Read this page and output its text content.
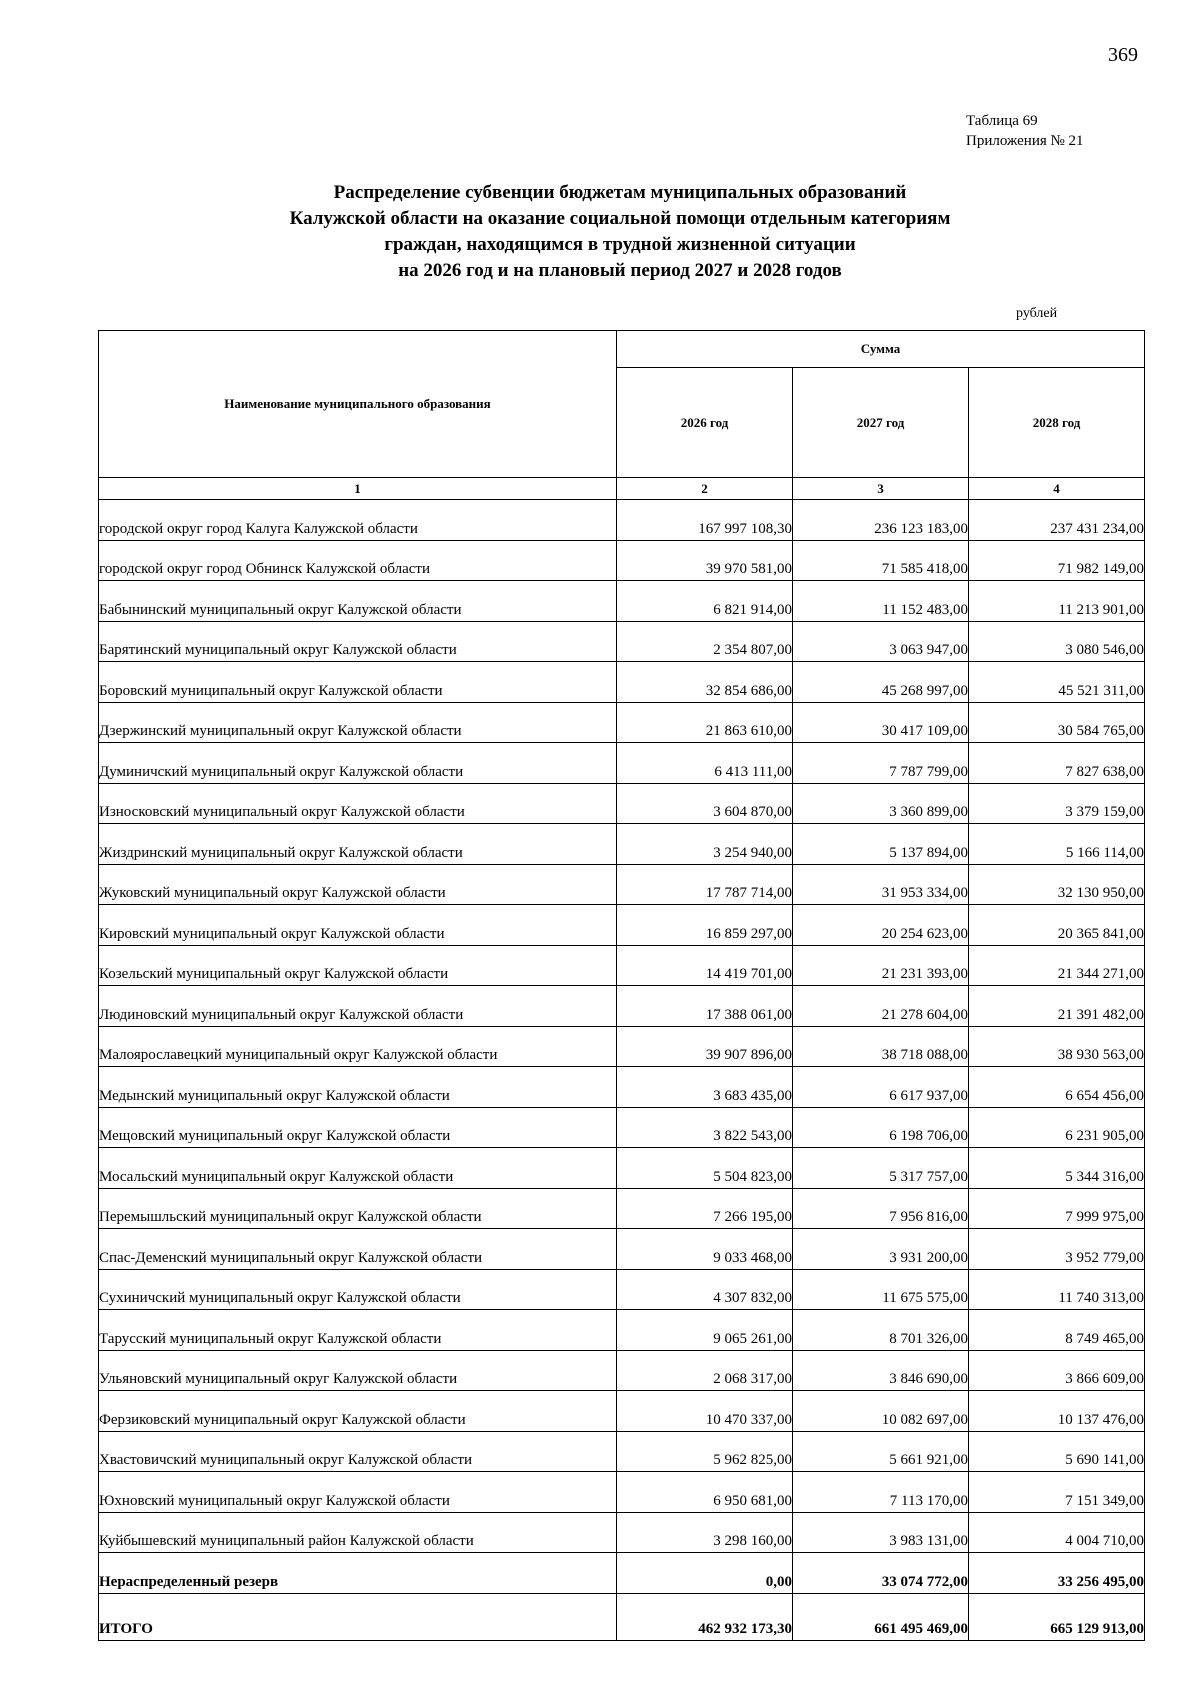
369
Таблица 69
Приложения № 21
Распределение субвенции бюджетам муниципальных образований
Калужской области на оказание социальной помощи отдельным категориям
граждан, находящимся в трудной жизненной ситуации
на 2026 год и на плановый период 2027 и 2028 годов
рублей
Наименование муниципального образования	Сумма		
	2026 год	2027 год	2028 год
1	2	3	4
городской округ город Калуга Калужской области	167 997 108,30	236 123 183,00	237 431 234,00
городской округ город Обнинск Калужской области	39 970 581,00	71 585 418,00	71 982 149,00
Бабынинский муниципальный округ Калужской области	6 821 914,00	11 152 483,00	11 213 901,00
Барятинский муниципальный округ Калужской области	2 354 807,00	3 063 947,00	3 080 546,00
Боровский муниципальный округ Калужской области	32 854 686,00	45 268 997,00	45 521 311,00
Дзержинский муниципальный округ Калужской области	21 863 610,00	30 417 109,00	30 584 765,00
Думиничский муниципальный округ Калужской области	6 413 111,00	7 787 799,00	7 827 638,00
Износковский муниципальный округ Калужской области	3 604 870,00	3 360 899,00	3 379 159,00
Жиздринский муниципальный округ Калужской области	3 254 940,00	5 137 894,00	5 166 114,00
Жуковский муниципальный округ Калужской области	17 787 714,00	31 953 334,00	32 130 950,00
Кировский муниципальный округ Калужской области	16 859 297,00	20 254 623,00	20 365 841,00
Козельский муниципальный округ Калужской области	14 419 701,00	21 231 393,00	21 344 271,00
Людиновский муниципальный округ Калужской области	17 388 061,00	21 278 604,00	21 391 482,00
Малоярославецкий муниципальный округ Калужской области	39 907 896,00	38 718 088,00	38 930 563,00
Медынский муниципальный округ Калужской области	3 683 435,00	6 617 937,00	6 654 456,00
Мещовский муниципальный округ Калужской области	3 822 543,00	6 198 706,00	6 231 905,00
Мосальский муниципальный округ Калужской области	5 504 823,00	5 317 757,00	5 344 316,00
Перемышльский муниципальный округ Калужской области	7 266 195,00	7 956 816,00	7 999 975,00
Спас-Деменский муниципальный округ Калужской области	9 033 468,00	3 931 200,00	3 952 779,00
Сухиничский муниципальный округ Калужской области	4 307 832,00	11 675 575,00	11 740 313,00
Тарусский муниципальный округ Калужской области	9 065 261,00	8 701 326,00	8 749 465,00
Ульяновский муниципальный округ Калужской области	2 068 317,00	3 846 690,00	3 866 609,00
Ферзиковский муниципальный округ Калужской области	10 470 337,00	10 082 697,00	10 137 476,00
Хвастовичский муниципальный округ Калужской области	5 962 825,00	5 661 921,00	5 690 141,00
Юхновский муниципальный округ Калужской области	6 950 681,00	7 113 170,00	7 151 349,00
Куйбышевский муниципальный район Калужской области	3 298 160,00	3 983 131,00	4 004 710,00
Нераспределенный резерв	0,00	33 074 772,00	33 256 495,00
ИТОГО	462 932 173,30	661 495 469,00	665 129 913,00
